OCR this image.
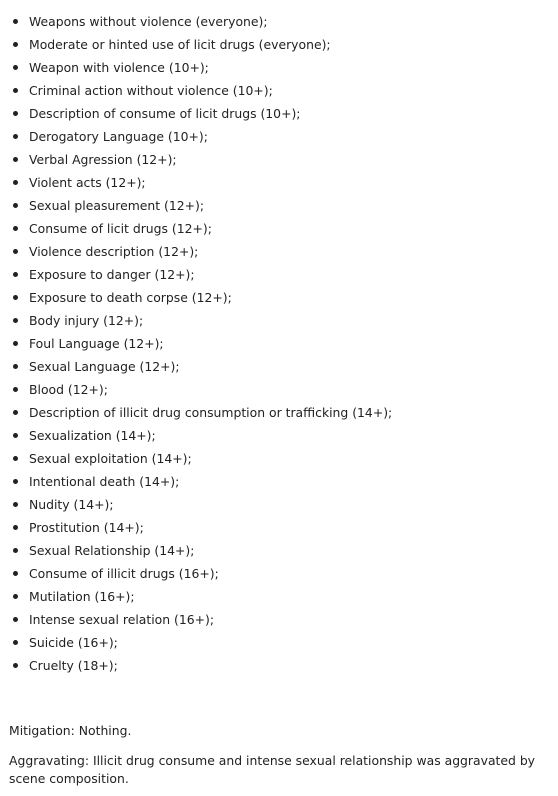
Weapons without violence (everyone);
Moderate or hinted use of licit drugs (everyone);
Weapon with violence (10+);
Criminal action without violence (10+);
Description of consume of licit drugs (10+);
Derogatory Language (10+);
Verbal Agression (12+);
Violent acts (12+);
Sexual pleasurement (12+);
Consume of licit drugs (12+);
Violence description (12+);
Exposure to danger (12+);
Exposure to death corpse (12+);
Body injury (12+);
Foul Language (12+);
Sexual Language (12+);
Blood (12+);
Description of illicit drug consumption or trafficking (14+);
Sexualization (14+);
Sexual exploitation (14+);
Intentional death (14+);
Nudity (14+);
Prostitution (14+);
Sexual Relationship (14+);
Consume of illicit drugs (16+);
Mutilation (16+);
Intense sexual relation (16+);
Suicide (16+);
Cruelty (18+);

Mitigation: Nothing.

Aggravating: Illicit drug consume and intense sexual relationship was aggravated by scene composition.
